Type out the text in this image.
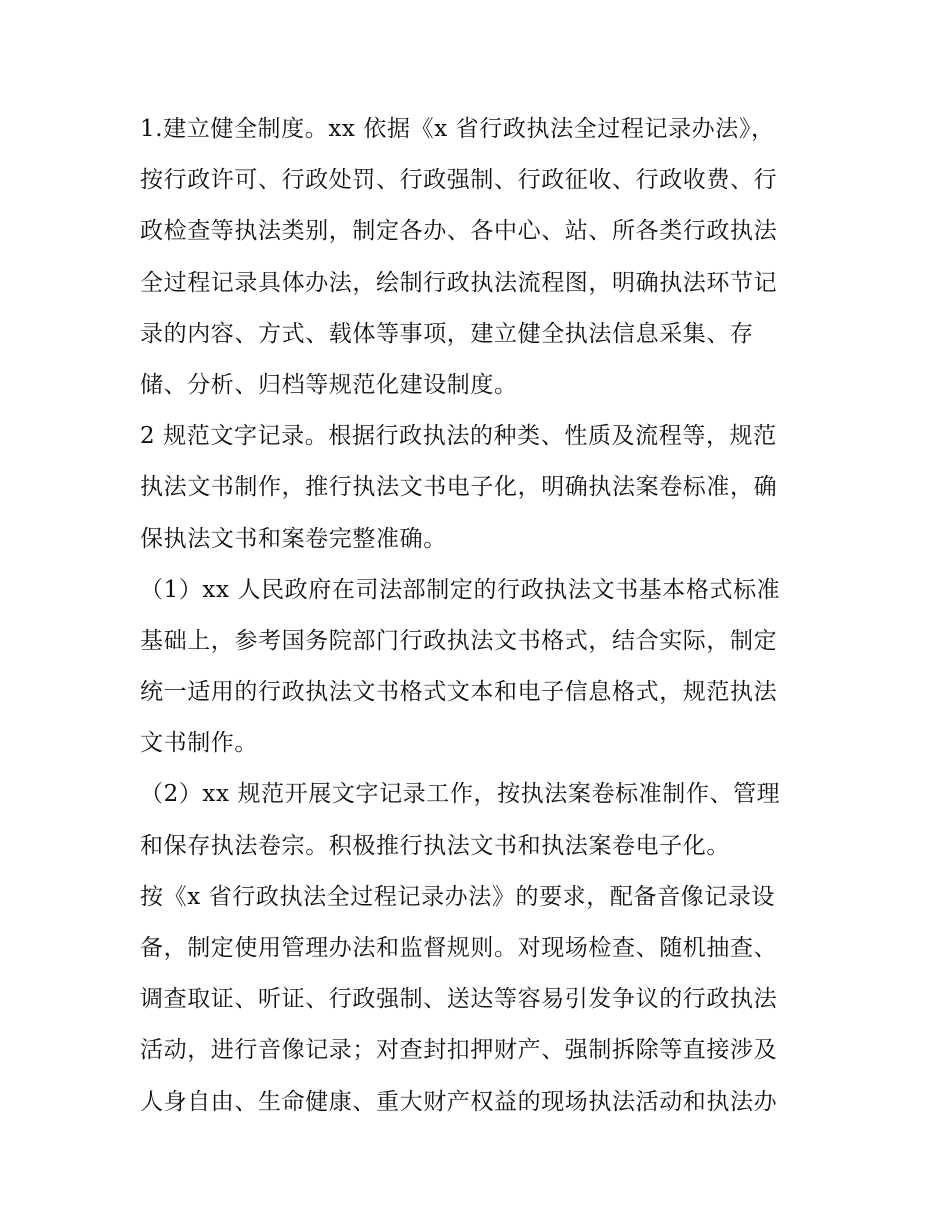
1.建立健全制度。xx 依据《x 省行政执法全过程记录办法》，
按行政许可、行政处罚、行政强制、行政征收、行政收费、行
政检查等执法类别，制定各办、各中心、站、所各类行政执法
全过程记录具体办法，绘制行政执法流程图，明确执法环节记
录的内容、方式、载体等事项，建立健全执法信息采集、存
储、分析、归档等规范化建设制度。
2 规范文字记录。根据行政执法的种类、性质及流程等，规范
执法文书制作，推行执法文书电子化，明确执法案卷标准，确
保执法文书和案卷完整准确。
（1）xx 人民政府在司法部制定的行政执法文书基本格式标准
基础上，参考国务院部门行政执法文书格式，结合实际，制定
统一适用的行政执法文书格式文本和电子信息格式，规范执法
文书制作。
（2）xx 规范开展文字记录工作，按执法案卷标准制作、管理
和保存执法卷宗。积极推行执法文书和执法案卷电子化。
按《x 省行政执法全过程记录办法》的要求，配备音像记录设
备，制定使用管理办法和监督规则。对现场检查、随机抽查、
调查取证、听证、行政强制、送达等容易引发争议的行政执法
活动，进行音像记录；对查封扣押财产、强制拆除等直接涉及
人身自由、生命健康、重大财产权益的现场执法活动和执法办
